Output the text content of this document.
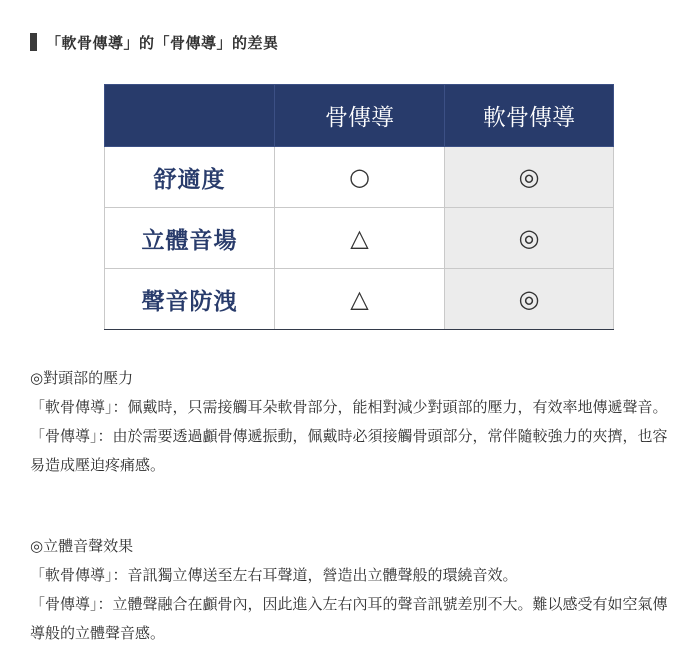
「軟骨傳導」的「骨傳導」的差異
	骨傳導	軟骨傳導
舒適度	○	◎
立體音場	△	◎
聲音防洩	△	◎

◎對頭部的壓力

「軟骨傳導」：佩戴時，只需接觸耳朵軟骨部分，能相對減少對頭部的壓力，有效率地傳遞聲音。

「骨傳導」：由於需要透過顱骨傳遞振動，佩戴時必須接觸骨頭部分，常伴隨較強力的夾擠，也容易造成壓迫疼痛感。

◎立體音聲效果

「軟骨傳導」：音訊獨立傳送至左右耳聲道，營造出立體聲般的環繞音效。

「骨傳導」：立體聲融合在顱骨內，因此進入左右內耳的聲音訊號差別不大。難以感受有如空氣傳導般的立體聲音感。
